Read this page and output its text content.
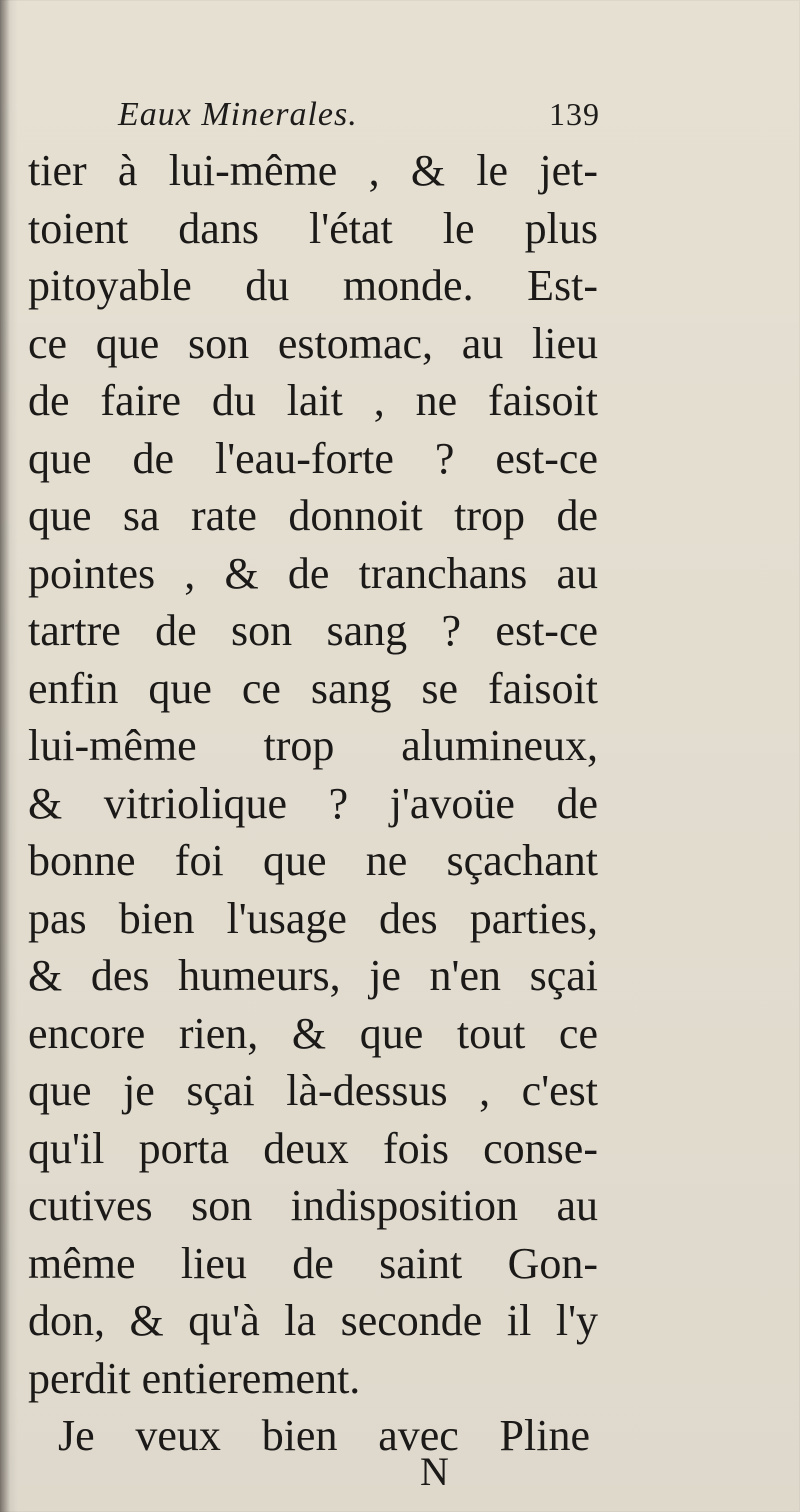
Eaux Minerales.	139
tier à lui-même , & le jet-
toient dans l'état le plus
pitoyable du monde. Est-
ce que son estomac, au lieu
de faire du lait , ne faisoit
que de l'eau-forte ? est-ce
que sa rate donnoit trop de
pointes , & de tranchans au
tartre de son sang ? est-ce
enfin que ce sang se faisoit
lui-même trop alumineux,
& vitriolique ? j'avoüe de
bonne foi que ne sçachant
pas bien l'usage des parties,
& des humeurs, je n'en sçai
encore rien, & que tout ce
que je sçai là-dessus , c'est
qu'il porta deux fois conse-
cutives son indisposition au
même lieu de saint Gon-
don, & qu'à la seconde il l'y
perdit entierement.
Je veux bien avec Pline
N
